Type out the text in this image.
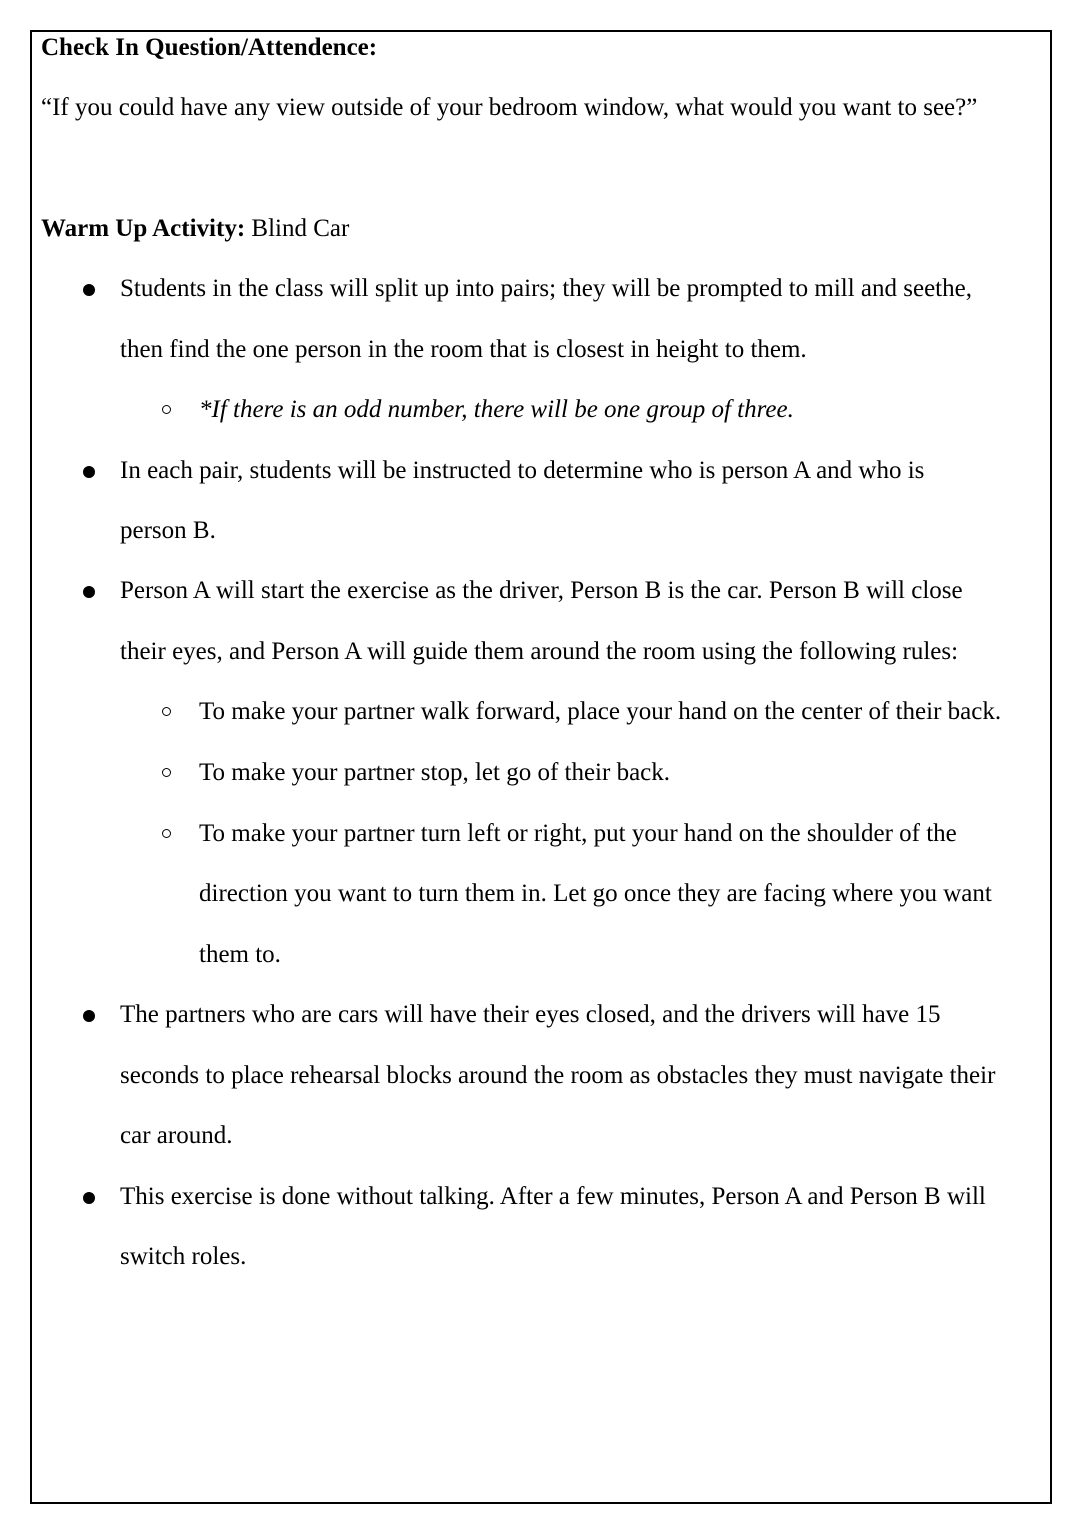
Check In Question/Attendence:
“If you could have any view outside of your bedroom window, what would you want to see?”
Warm Up Activity: Blind Car
Students in the class will split up into pairs; they will be prompted to mill and seethe,
then find the one person in the room that is closest in height to them.
*If there is an odd number, there will be one group of three.
In each pair, students will be instructed to determine who is person A and who is
person B.
Person A will start the exercise as the driver, Person B is the car. Person B will close
their eyes, and Person A will guide them around the room using the following rules:
To make your partner walk forward, place your hand on the center of their back.
To make your partner stop, let go of their back.
To make your partner turn left or right, put your hand on the shoulder of the
direction you want to turn them in. Let go once they are facing where you want
them to.
The partners who are cars will have their eyes closed, and the drivers will have 15
seconds to place rehearsal blocks around the room as obstacles they must navigate their
car around.
This exercise is done without talking. After a few minutes, Person A and Person B will
switch roles.
